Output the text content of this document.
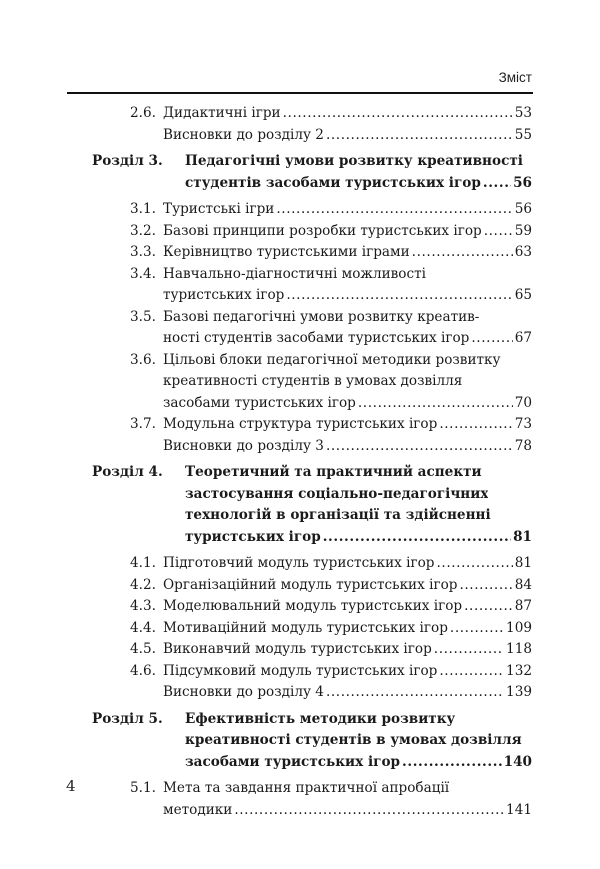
Зміст
2.6. Дидактичні ігри .....	53
Висновки до розділу 2 .....	55
Розділ 3. Педагогічні умови розвитку креативності
студентів засобами туристських ігор ..... 56
3.1. Туристські ігри .....	56
3.2. Базові принципи розробки туристських ігор ..... 59
3.3. Керівництво туристськими іграми .....	63
3.4. Навчально-діагностичні можливості
туристських ігор .....	65
3.5. Базові педагогічні умови розвитку креатив-
ності студентів засобами туристських ігор .....	67
3.6. Цільові блоки педагогічної методики розвитку
креативності студентів в умовах дозвілля
засобами туристських ігор .....	70
3.7. Модульна структура туристських ігор .....	73
Висновки до розділу 3 .....	78
Розділ 4. Теоретичний та практичний аспекти
застосування соціально-педагогічних
технологій в організації та здійсненні
туристських ігор .....	81
4.1. Підготовчий модуль туристських ігор .....	81
4.2. Організаційний модуль туристських ігор .....	84
4.3. Моделювальний модуль туристських ігор .....	87
4.4. Мотиваційний модуль туристських ігор .....	109
4.5. Виконавчий модуль туристських ігор .....	118
4.6. Підсумковий модуль туристських ігор .....	132
Висновки до розділу 4 .....	139
Розділ 5. Ефективність методики розвитку
креативності студентів в умовах дозвілля
засобами туристських ігор .....	140
5.1. Мета та завдання практичної апробації
методики .....	141
4
